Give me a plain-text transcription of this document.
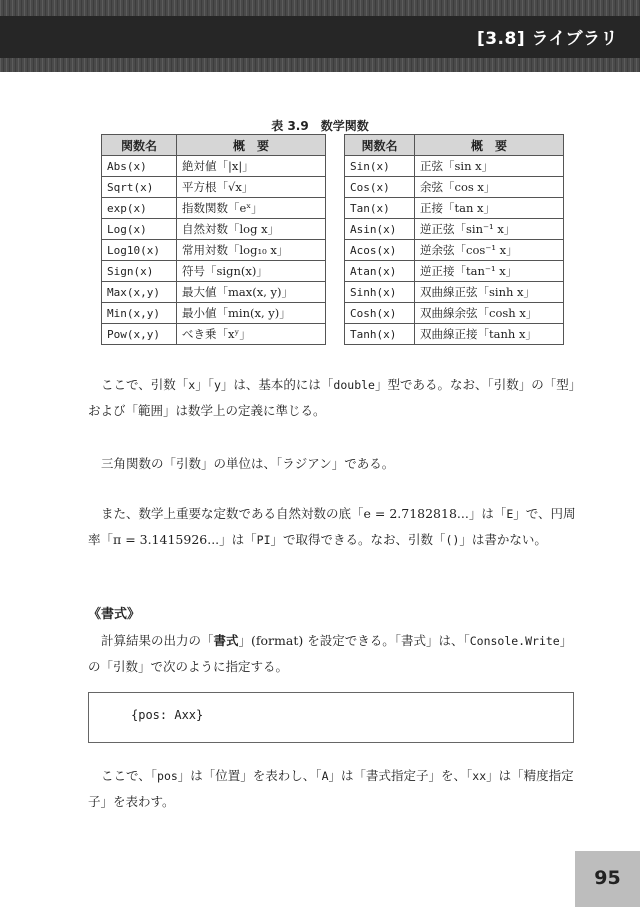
[3.8] ライブラリ
表 3.9　数学関数
関数名	概　要
Abs(x)	絶対値「|x|」
Sqrt(x)	平方根「√x」
exp(x)	指数関数「eˣ」
Log(x)	自然対数「log x」
Log10(x)	常用対数「log₁₀ x」
Sign(x)	符号「sign(x)」
Max(x,y)	最大値「max(x, y)」
Min(x,y)	最小値「min(x, y)」
Pow(x,y)	べき乗「xʸ」
関数名	概　要
Sin(x)	正弦「sin x」
Cos(x)	余弦「cos x」
Tan(x)	正接「tan x」
Asin(x)	逆正弦「sin⁻¹ x」
Acos(x)	逆余弦「cos⁻¹ x」
Atan(x)	逆正接「tan⁻¹ x」
Sinh(x)	双曲線正弦「sinh x」
Cosh(x)	双曲線余弦「cosh x」
Tanh(x)	双曲線正接「tanh x」

ここで、引数「x」「y」は、基本的には「double」型である。なお、「引数」の「型」および「範囲」は数学上の定義に準じる。

三角関数の「引数」の単位は、「ラジアン」である。

また、数学上重要な定数である自然対数の底「e = 2.7182818...」は「E」で、円周率「π = 3.1415926...」は「PI」で取得できる。なお、引数「()」は書かない。

《書式》

計算結果の出力の「書式」(format) を設定できる。「書式」は、「Console.Write」の「引数」で次のように指定する。

{pos: Axx}

ここで、「pos」は「位置」を表わし、「A」は「書式指定子」を、「xx」は「精度指定子」を表わす。

95
